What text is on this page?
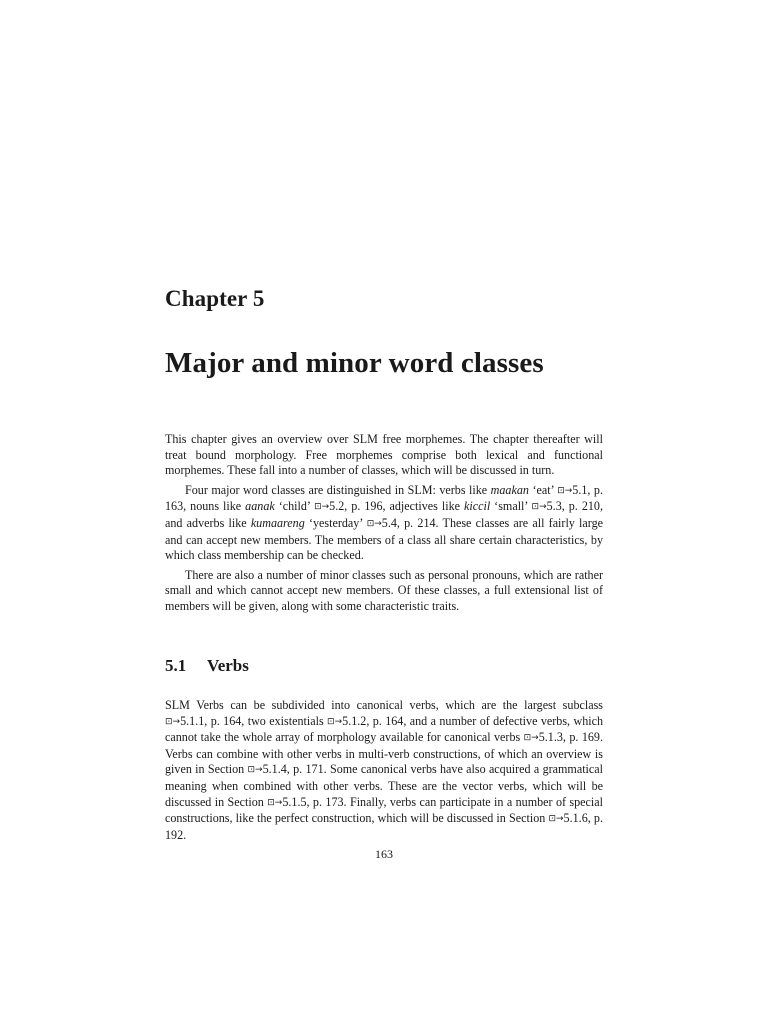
Chapter 5
Major and minor word classes

This chapter gives an overview over SLM free morphemes. The chapter thereafter will treat bound morphology. Free morphemes comprise both lexical and functional morphemes. These fall into a number of classes, which will be discussed in turn.

Four major word classes are distinguished in SLM: verbs like maakan ‘eat’ ⊡→5.1, p. 163, nouns like aanak ‘child’ ⊡→5.2, p. 196, adjectives like kiccil ‘small’ ⊡→5.3, p. 210, and adverbs like kumaareng ‘yesterday’ ⊡→5.4, p. 214. These classes are all fairly large and can accept new members. The members of a class all share certain characteristics, by which class membership can be checked.

There are also a number of minor classes such as personal pronouns, which are rather small and which cannot accept new members. Of these classes, a full extensional list of members will be given, along with some characteristic traits.

5.1 Verbs

SLM Verbs can be subdivided into canonical verbs, which are the largest subclass ⊡→5.1.1, p. 164, two existentials ⊡→5.1.2, p. 164, and a number of defective verbs, which cannot take the whole array of morphology available for canonical verbs ⊡→5.1.3, p. 169. Verbs can combine with other verbs in multi-verb constructions, of which an overview is given in Section ⊡→5.1.4, p. 171. Some canonical verbs have also acquired a grammatical meaning when combined with other verbs. These are the vector verbs, which will be discussed in Section ⊡→5.1.5, p. 173. Finally, verbs can participate in a number of special constructions, like the perfect construction, which will be discussed in Section ⊡→5.1.6, p. 192.

163
